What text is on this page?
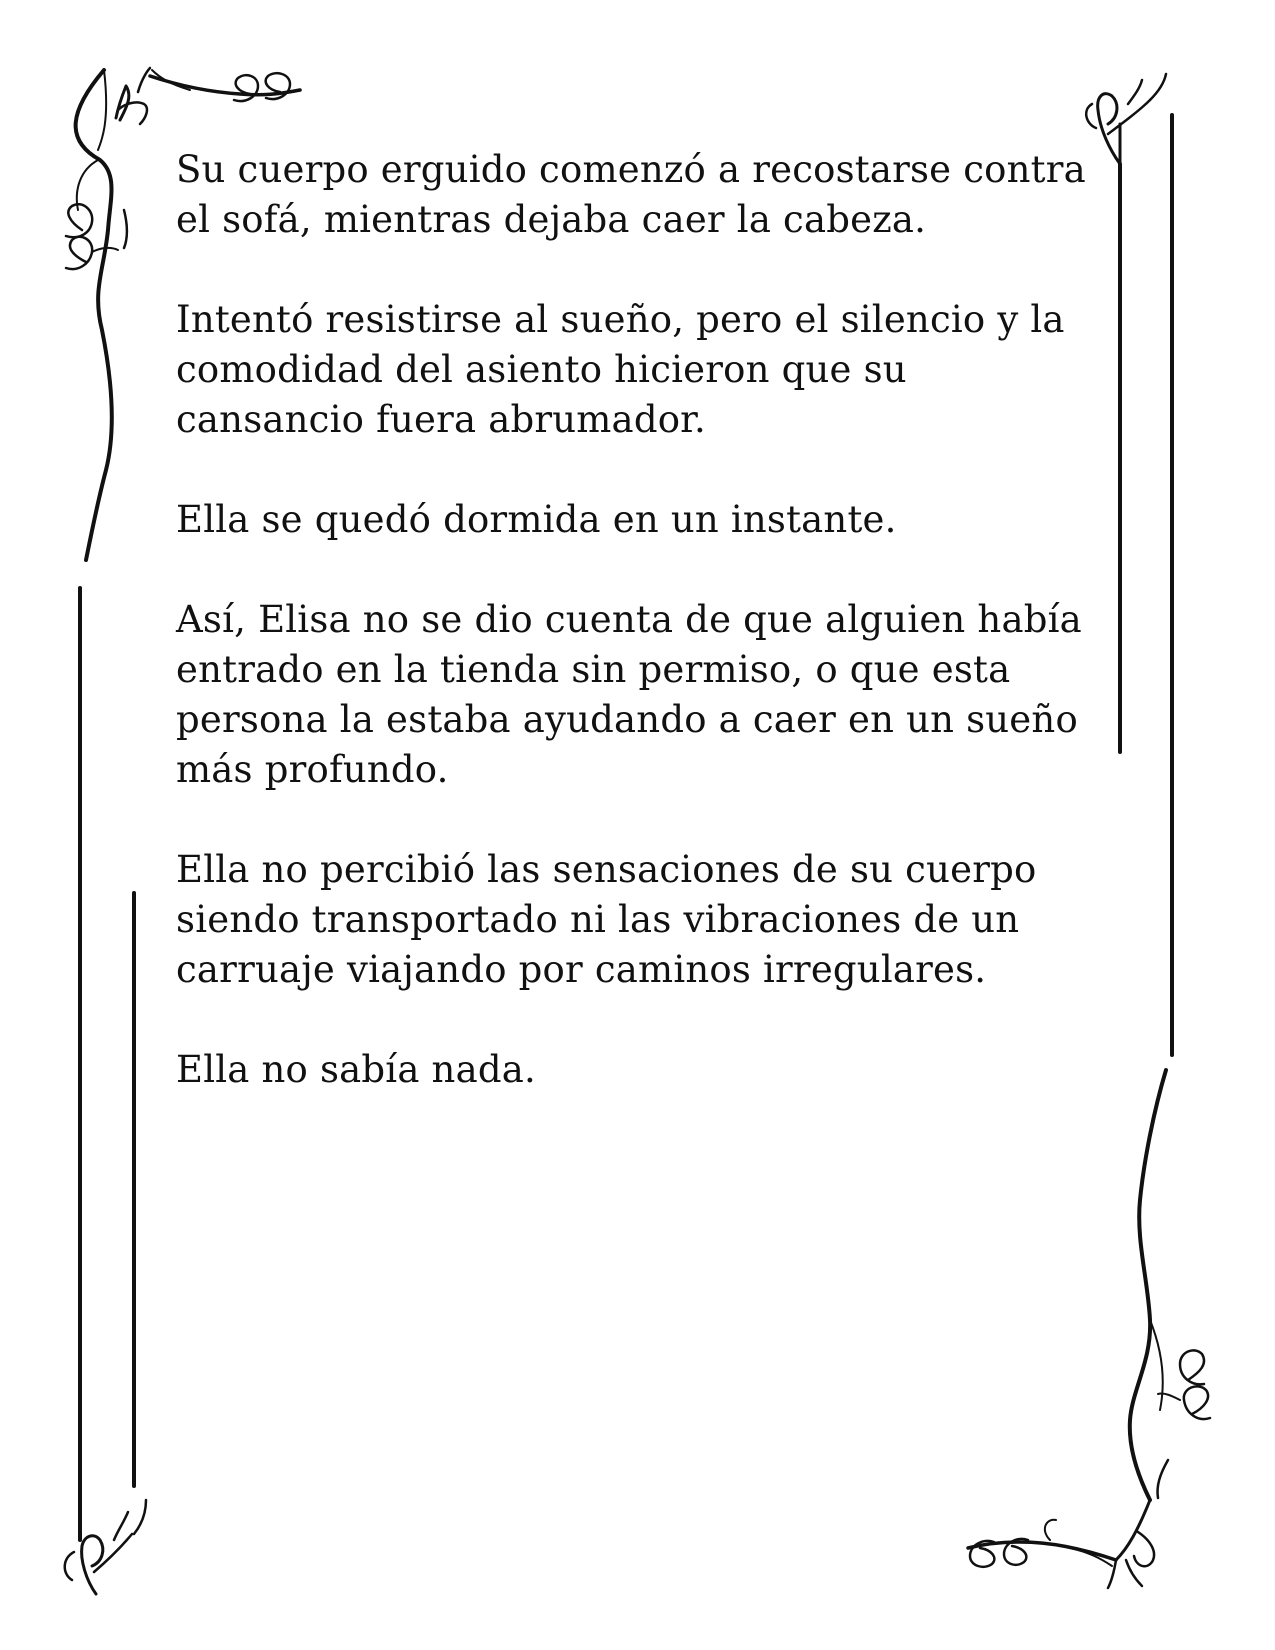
Su cuerpo erguido comenzó a recostarse contra
el sofá, mientras dejaba caer la cabeza.

Intentó resistirse al sueño, pero el silencio y la
comodidad del asiento hicieron que su
cansancio fuera abrumador.

Ella se quedó dormida en un instante.

Así, Elisa no se dio cuenta de que alguien había
entrado en la tienda sin permiso, o que esta
persona la estaba ayudando a caer en un sueño
más profundo.

Ella no percibió las sensaciones de su cuerpo
siendo transportado ni las vibraciones de un
carruaje viajando por caminos irregulares.

Ella no sabía nada.
